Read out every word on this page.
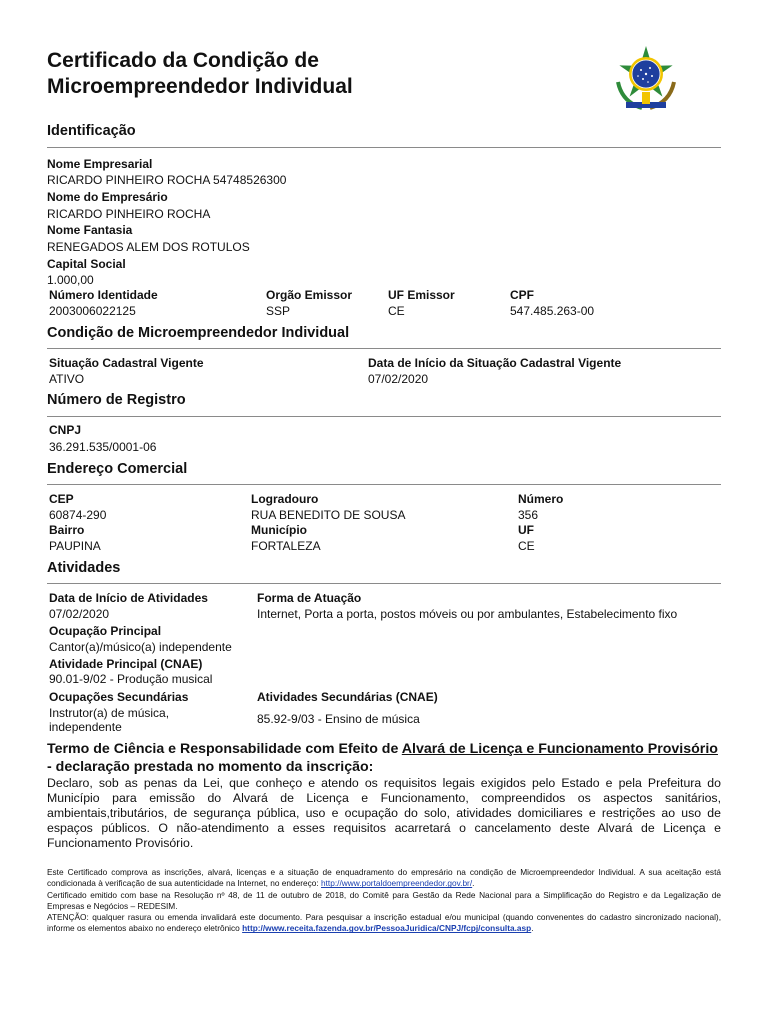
Certificado da Condição de
Microempreendedor Individual
Identificação
Nome Empresarial
RICARDO PINHEIRO ROCHA 54748526300
Nome do Empresário
RICARDO PINHEIRO ROCHA
Nome Fantasia
RENEGADOS ALEM DOS ROTULOS
Capital Social
1.000,00
Número Identidade
2003006022125
Orgão Emissor
SSP
UF Emissor
CE
CPF
547.485.263-00
Condição de Microempreendedor Individual
Situação Cadastral Vigente
ATIVO
Data de Início da Situação Cadastral Vigente
07/02/2020
Número de Registro
CNPJ
36.291.535/0001-06
Endereço Comercial
CEP
60874-290
Logradouro
RUA BENEDITO DE SOUSA
Número
356
Bairro
PAUPINA
Município
FORTALEZA
UF
CE
Atividades
Data de Início de Atividades
07/02/2020
Forma de Atuação
Internet, Porta a porta, postos móveis ou por ambulantes, Estabelecimento fixo
Ocupação Principal
Cantor(a)/músico(a) independente
Atividade Principal (CNAE)
90.01-9/02 - Produção musical
Ocupações Secundárias
Instrutor(a) de música, independente
Atividades Secundárias (CNAE)
85.92-9/03 - Ensino de música
Termo de Ciência e Responsabilidade com Efeito de Alvará de Licença e Funcionamento Provisório - declaração prestada no momento da inscrição:
Declaro, sob as penas da Lei, que conheço e atendo os requisitos legais exigidos pelo Estado e pela Prefeitura do Município para emissão do Alvará de Licença e Funcionamento, compreendidos os aspectos sanitários, ambientais,tributários, de segurança pública, uso e ocupação do solo, atividades domiciliares e restrições ao uso de espaços públicos. O não-atendimento a esses requisitos acarretará o cancelamento deste Alvará de Licença e Funcionamento Provisório.
Este Certificado comprova as inscrições, alvará, licenças e a situação de enquadramento do empresário na condição de Microempreendedor Individual. A sua aceitação está condicionada à verificação de sua autenticidade na Internet, no endereço: http://www.portaldoempreendedor.gov.br/.
Certificado emitido com base na Resolução nº 48, de 11 de outubro de 2018, do Comitê para Gestão da Rede Nacional para a Simplificação do Registro e da Legalização de Empresas e Negócios – REDESIM.
ATENÇÃO: qualquer rasura ou emenda invalidará este documento. Para pesquisar a inscrição estadual e/ou municipal (quando convenentes do cadastro sincronizado nacional), informe os elementos abaixo no endereço eletrônico http://www.receita.fazenda.gov.br/PessoaJuridica/CNPJ/fcpj/consulta.asp.
